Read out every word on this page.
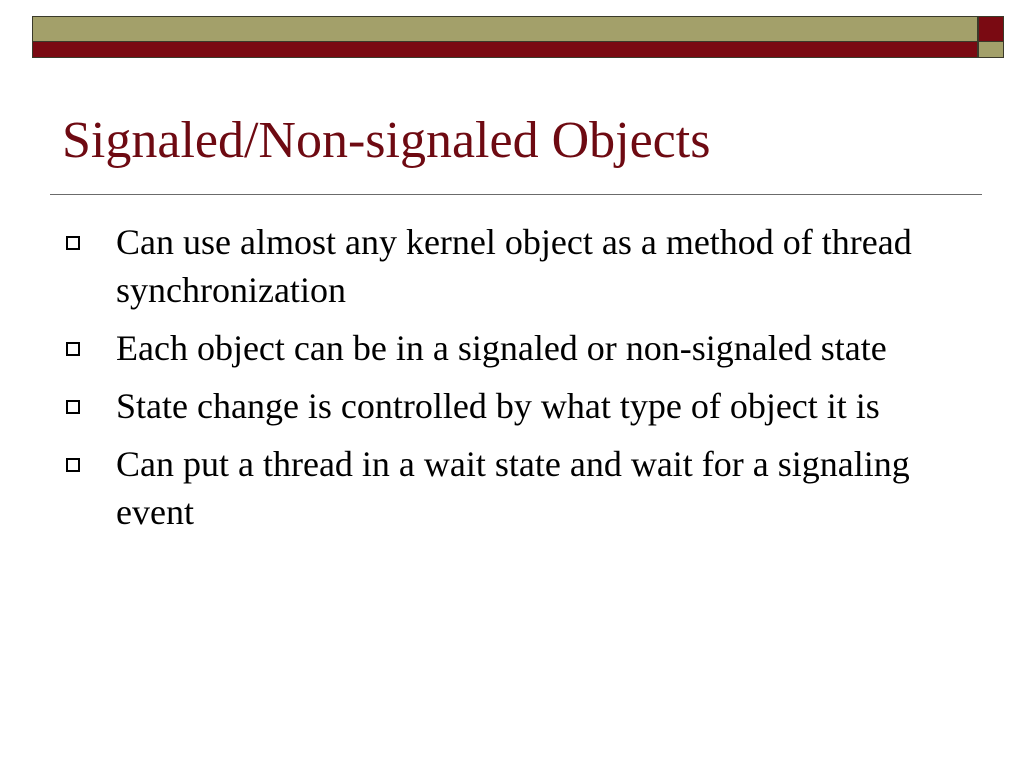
Signaled/Non-signaled Objects
Can use almost any kernel object as a method of thread synchronization
Each object can be in a signaled or non-signaled state
State change is controlled by what type of object it is
Can put a thread in a wait state and wait for a signaling event
